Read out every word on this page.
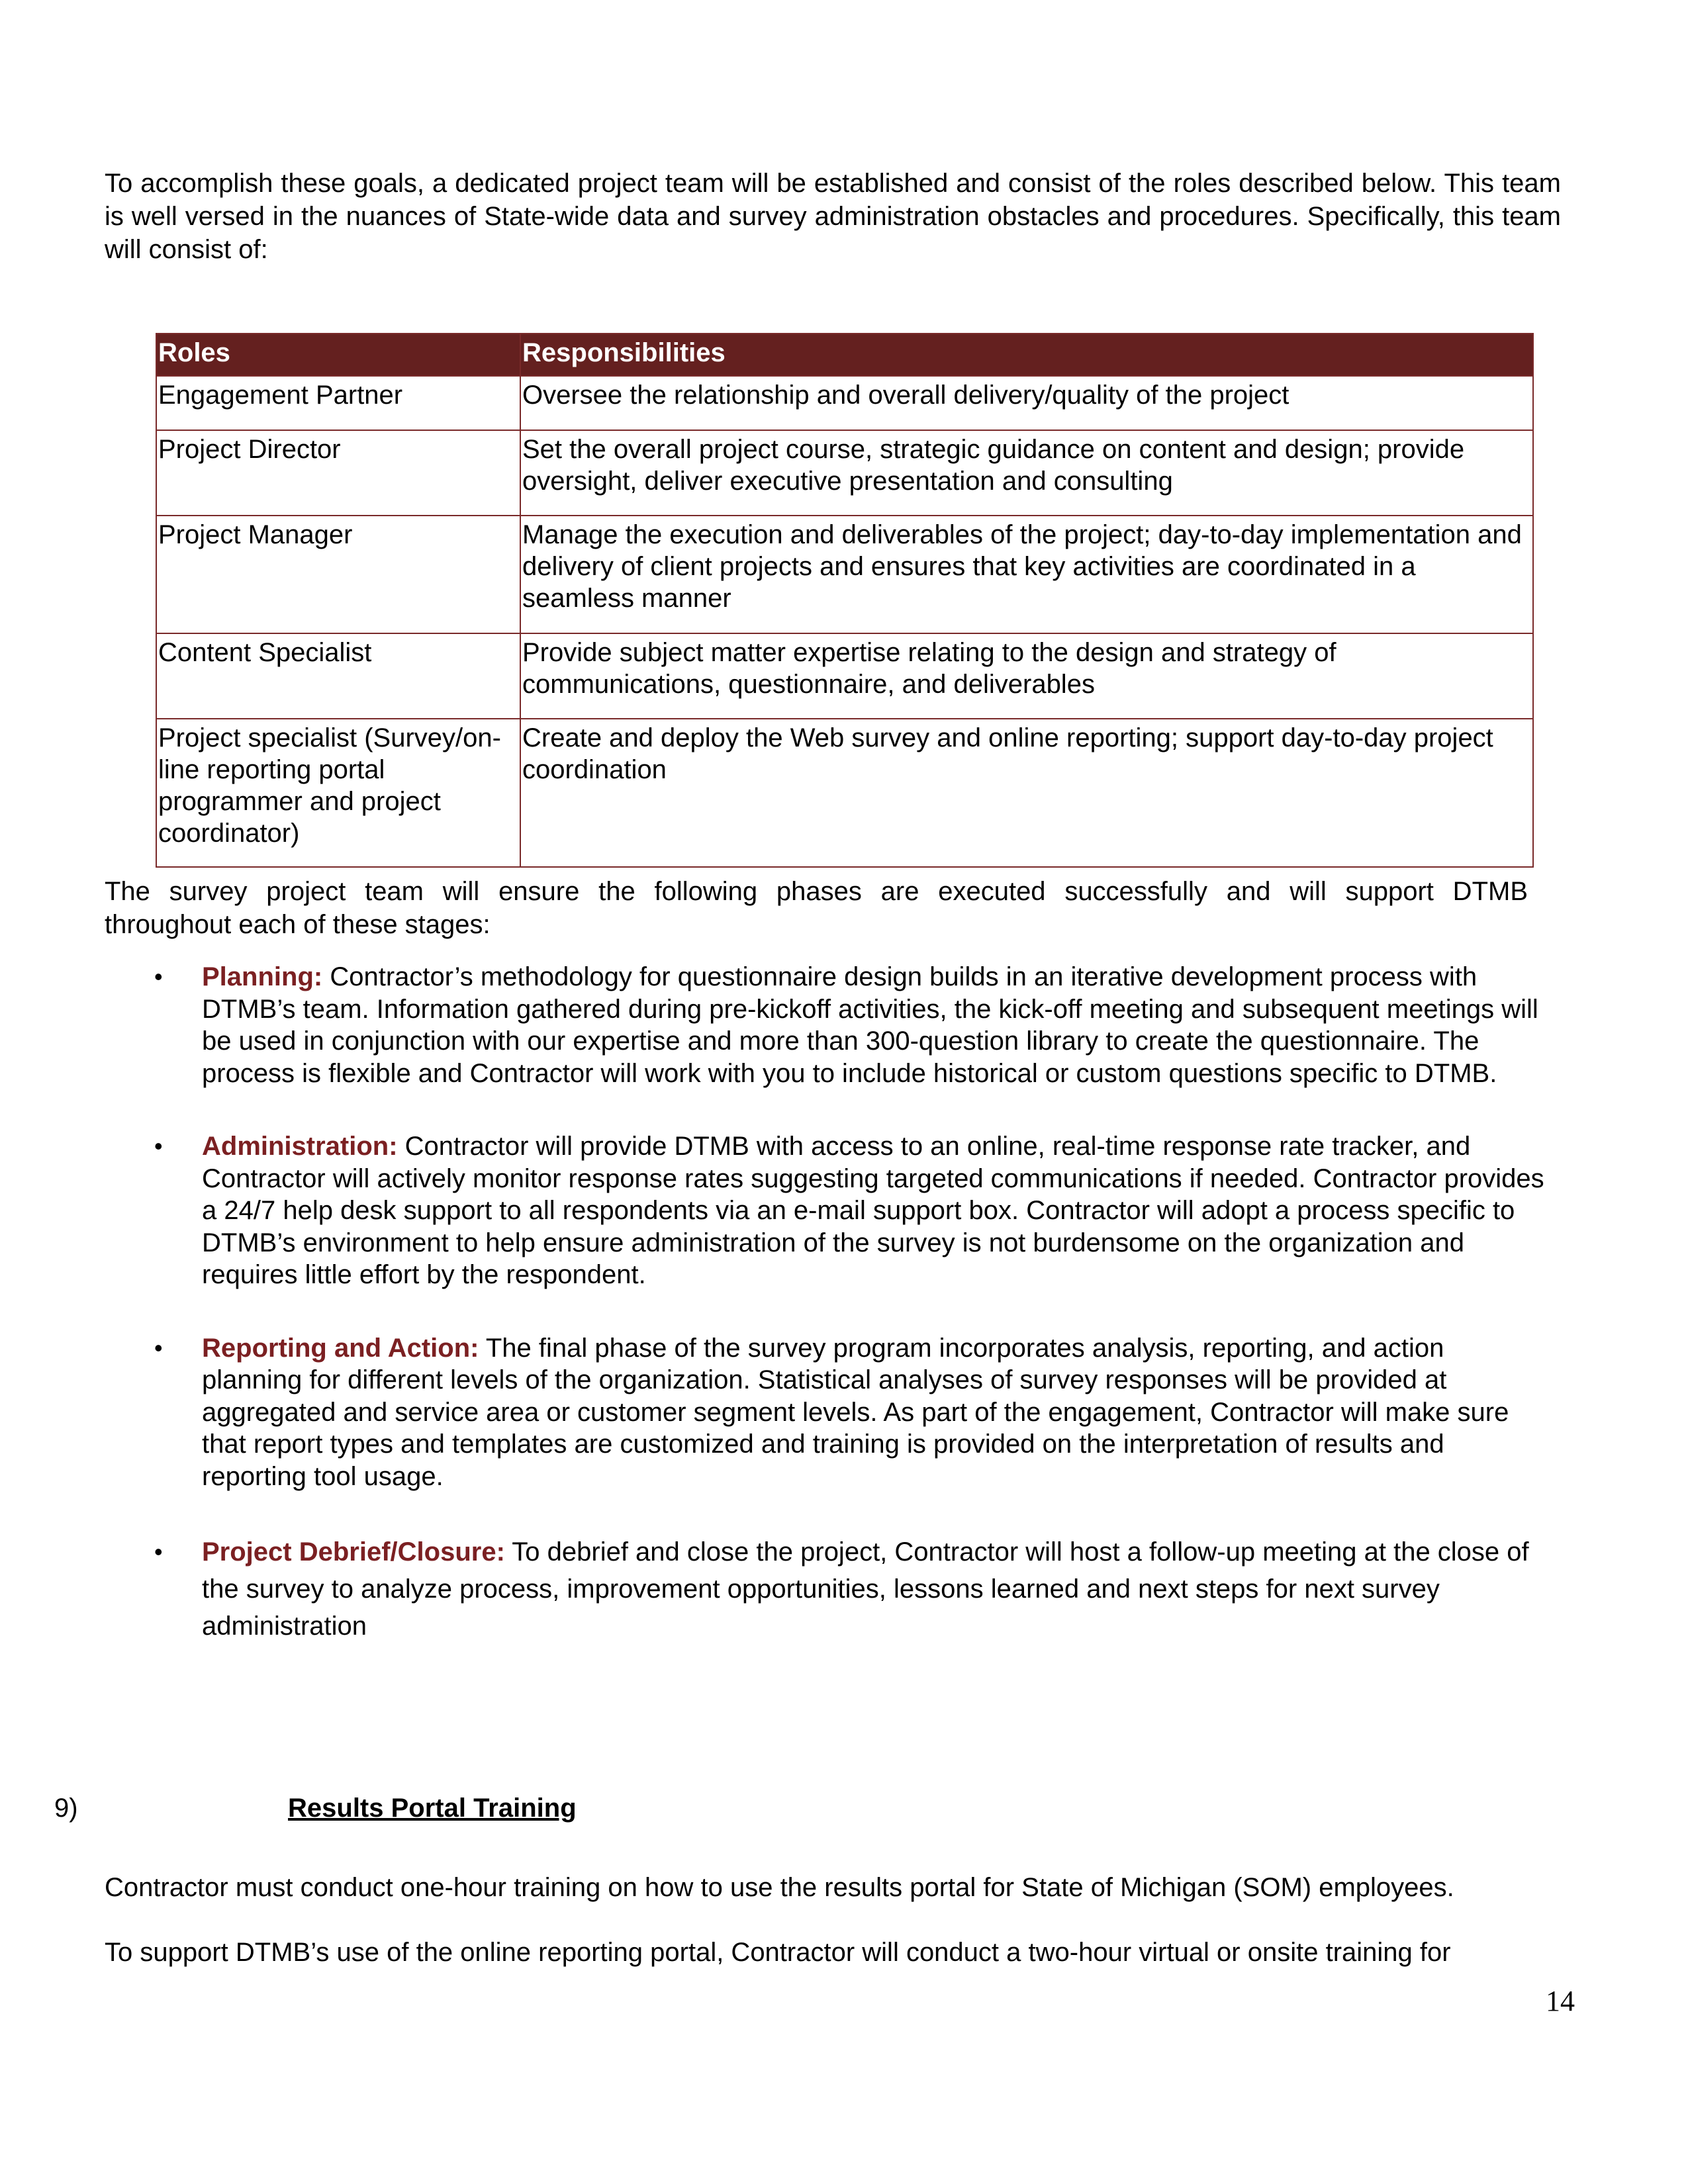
To accomplish these goals, a dedicated project team will be established and consist of the roles described below. This team is well versed in the nuances of State-wide data and survey administration obstacles and procedures. Specifically, this team will consist of:

Roles	Responsibilities
Engagement Partner	Oversee the relationship and overall delivery/quality of the project
Project Director	Set the overall project course, strategic guidance on content and design; provide oversight, deliver executive presentation and consulting
Project Manager	Manage the execution and deliverables of the project; day-to-day implementation and delivery of client projects and ensures that key activities are coordinated in a seamless manner
Content Specialist	Provide subject matter expertise relating to the design and strategy of communications, questionnaire, and deliverables
Project specialist (Survey/on-line reporting portal programmer and project coordinator)	Create and deploy the Web survey and online reporting; support day-to-day project coordination

The survey project team will ensure the following phases are executed successfully and will support DTMB
throughout each of these stages:

• Planning: Contractor’s methodology for questionnaire design builds in an iterative development process with DTMB’s team. Information gathered during pre-kickoff activities, the kick-off meeting and subsequent meetings will be used in conjunction with our expertise and more than 300-question library to create the questionnaire. The process is flexible and Contractor will work with you to include historical or custom questions specific to DTMB.
• Administration: Contractor will provide DTMB with access to an online, real-time response rate tracker, and Contractor will actively monitor response rates suggesting targeted communications if needed. Contractor provides a 24/7 help desk support to all respondents via an e-mail support box. Contractor will adopt a process specific to DTMB’s environment to help ensure administration of the survey is not burdensome on the organization and requires little effort by the respondent.
• Reporting and Action: The final phase of the survey program incorporates analysis, reporting, and action planning for different levels of the organization. Statistical analyses of survey responses will be provided at aggregated and service area or customer segment levels. As part of the engagement, Contractor will make sure that report types and templates are customized and training is provided on the interpretation of results and reporting tool usage.
• Project Debrief/Closure: To debrief and close the project, Contractor will host a follow-up meeting at the close of the survey to analyze process, improvement opportunities, lessons learned and next steps for next survey administration
9)	Results Portal Training

Contractor must conduct one-hour training on how to use the results portal for State of Michigan (SOM) employees.

To support DTMB’s use of the online reporting portal, Contractor will conduct a two-hour virtual or onsite training for

14
